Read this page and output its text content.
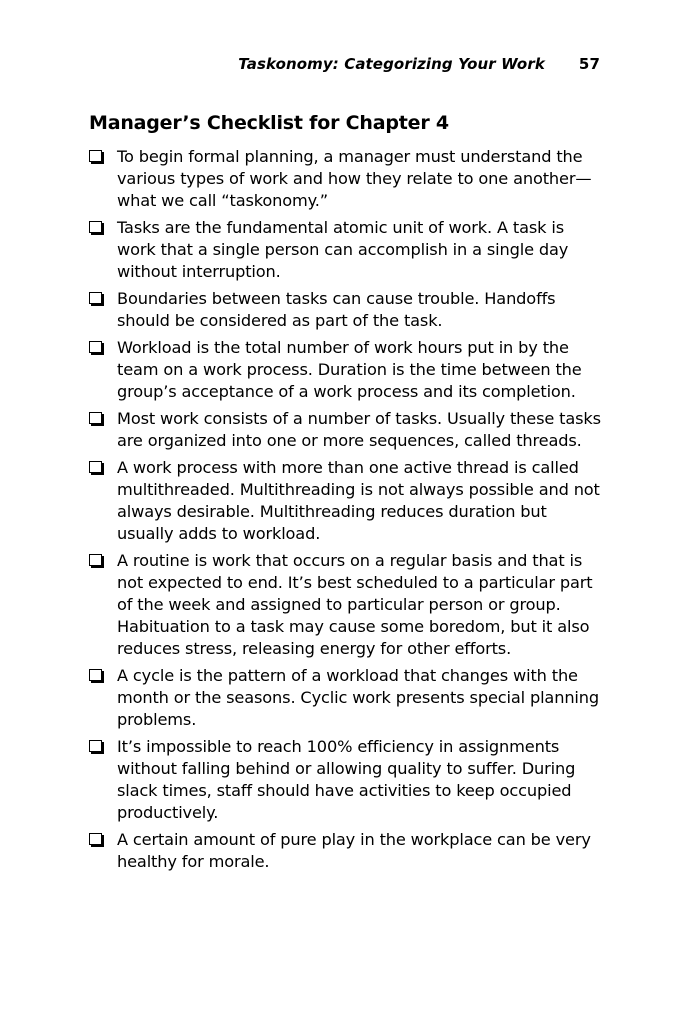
Taskonomy: Categorizing Your Work 57
Manager’s Checklist for Chapter 4
To begin formal planning, a manager must understand the various types of work and how they relate to one another—what we call “taskonomy.”
Tasks are the fundamental atomic unit of work. A task is work that a single person can accomplish in a single day without interruption.
Boundaries between tasks can cause trouble. Handoffs should be considered as part of the task.
Workload is the total number of work hours put in by the team on a work process. Duration is the time between the group’s acceptance of a work process and its completion.
Most work consists of a number of tasks. Usually these tasks are organized into one or more sequences, called threads.
A work process with more than one active thread is called multithreaded. Multithreading is not always possible and not always desirable. Multithreading reduces duration but usually adds to workload.
A routine is work that occurs on a regular basis and that is not expected to end. It’s best scheduled to a particular part of the week and assigned to particular person or group. Habituation to a task may cause some boredom, but it also reduces stress, releasing energy for other efforts.
A cycle is the pattern of a workload that changes with the month or the seasons. Cyclic work presents special planning problems.
It’s impossible to reach 100% efficiency in assignments without falling behind or allowing quality to suffer. During slack times, staff should have activities to keep occupied productively.
A certain amount of pure play in the workplace can be very healthy for morale.
